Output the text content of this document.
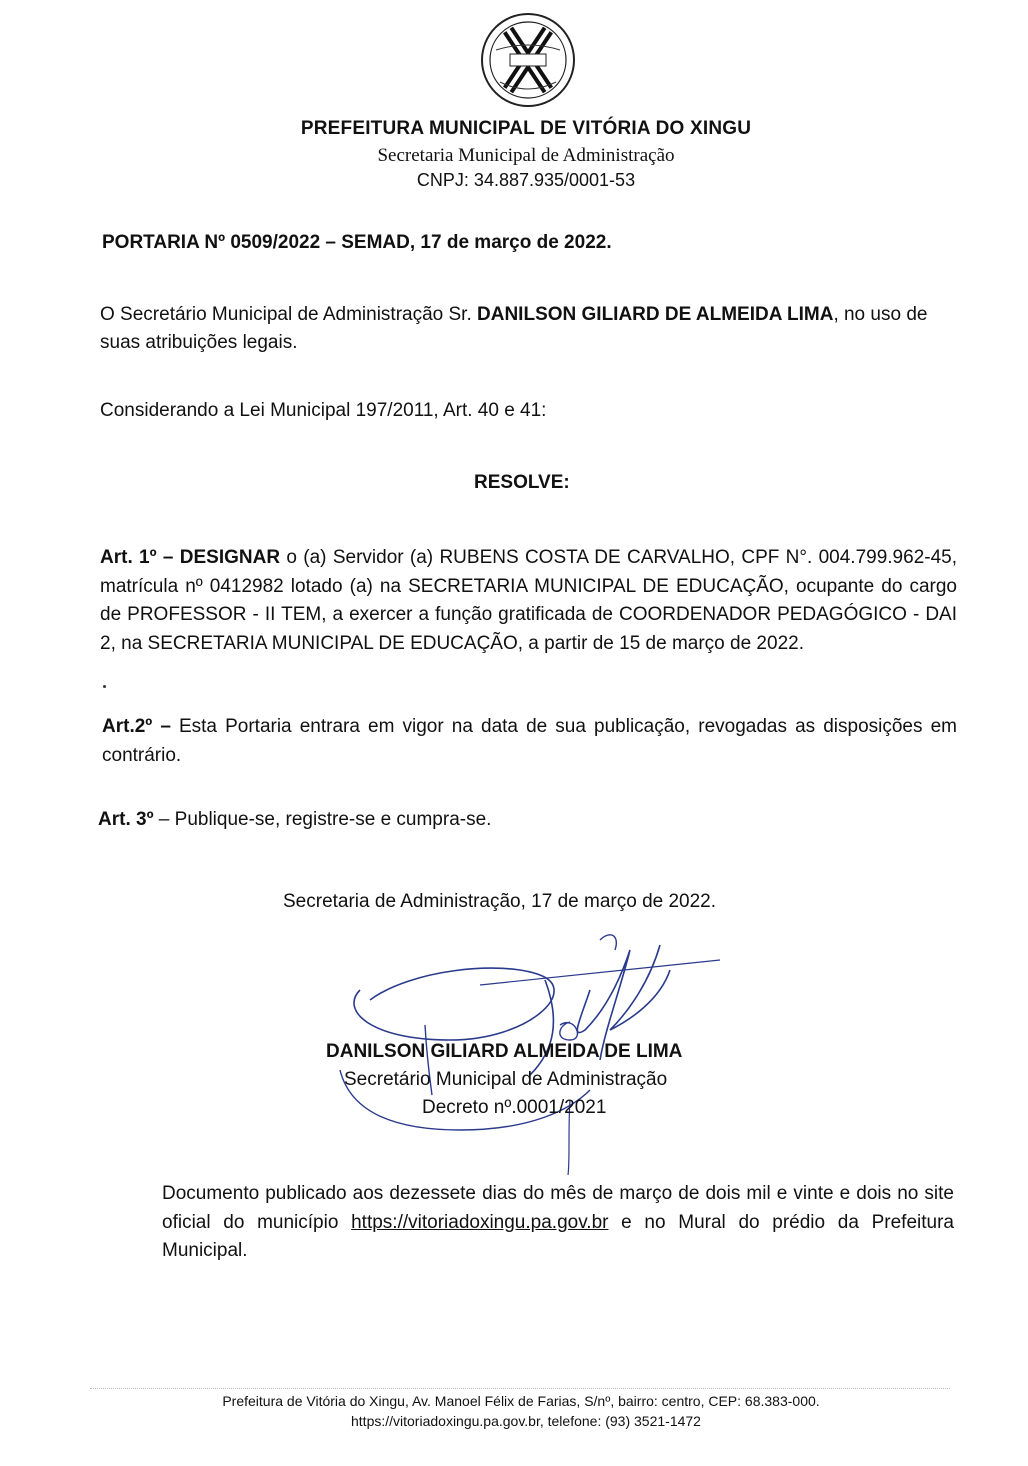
PREFEITURA MUNICIPAL DE VITÓRIA DO XINGU
Secretaria Municipal de Administração
CNPJ: 34.887.935/0001-53
PORTARIA Nº 0509/2022 – SEMAD, 17 de março de 2022.
O Secretário Municipal de Administração Sr. DANILSON GILIARD DE ALMEIDA LIMA, no uso de suas atribuições legais.
Considerando a Lei Municipal 197/2011, Art. 40 e 41:
RESOLVE:
Art. 1º – DESIGNAR o (a) Servidor (a) RUBENS COSTA DE CARVALHO, CPF N°. 004.799.962-45, matrícula nº 0412982 lotado (a) na SECRETARIA MUNICIPAL DE EDUCAÇÃO, ocupante do cargo de PROFESSOR - II TEM, a exercer a função gratificada de COORDENADOR PEDAGÓGICO - DAI 2, na SECRETARIA MUNICIPAL DE EDUCAÇÃO, a partir de 15 de março de 2022.
Art.2º – Esta Portaria entrara em vigor na data de sua publicação, revogadas as disposições em contrário.
Art. 3º – Publique-se, registre-se e cumpra-se.
Secretaria de Administração, 17 de março de 2022.
DANILSON GILIARD ALMEIDA DE LIMA
Secretário Municipal de Administração
Decreto nº.0001/2021
Documento publicado aos dezessete dias do mês de março de dois mil e vinte e dois no site oficial do município https://vitoriadoxingu.pa.gov.br e no Mural do prédio da Prefeitura Municipal.
Prefeitura de Vitória do Xingu, Av. Manoel Félix de Farias, S/nº, bairro: centro, CEP: 68.383-000.
https://vitoriadoxingu.pa.gov.br, telefone: (93) 3521-1472
